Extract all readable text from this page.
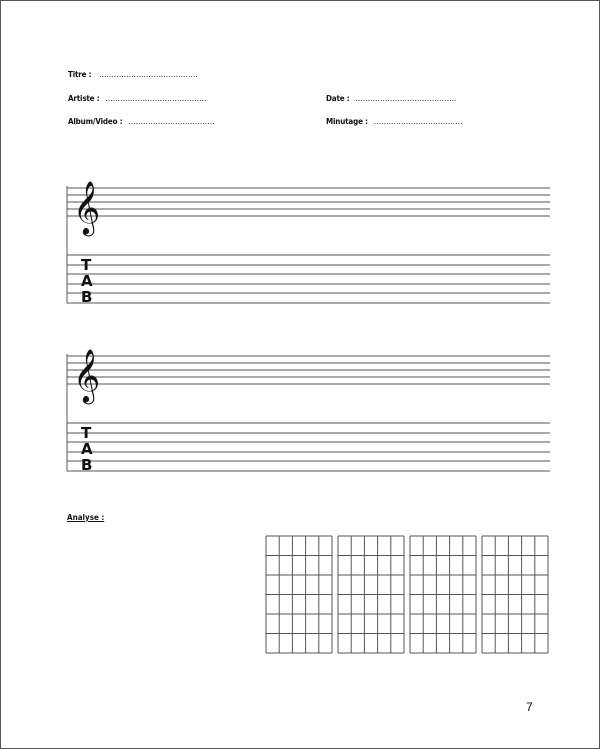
Titre : ........................................
Artiste : ......................................…	Date : ......................................…
Album/Video : ................................…	Minutage : ....................................
𝄞
T
A
B
𝄞
T
A
B
Analyse :
7
